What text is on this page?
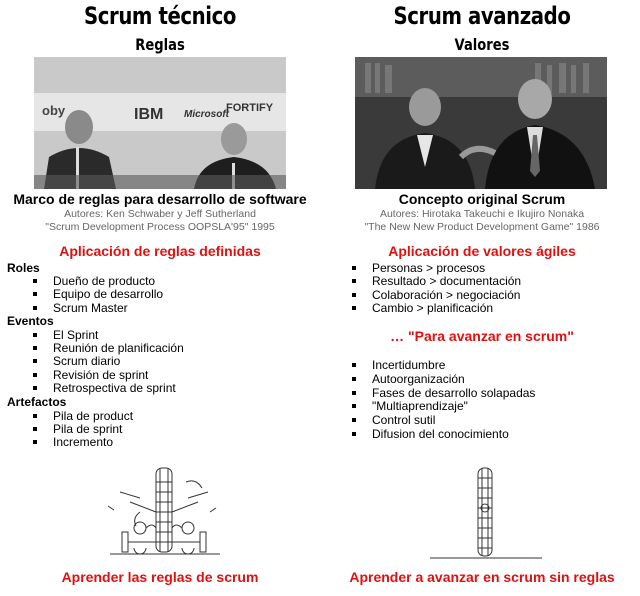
Scrum técnico
Reglas
oby	IBM Microsoft
FORTIFY
Marco de reglas para desarrollo de software
Autores: Ken Schwaber y Jeff Sutherland
"Scrum Development Process OOPSLA'95" 1995
Aplicación de reglas definidas
Roles
Dueño de producto
Equipo de desarrollo
Scrum Master
Eventos
El Sprint
Reunión de planificación
Scrum diario
Revisión de sprint
Retrospectiva de sprint
Artefactos
Pila de product
Pila de sprint
Incremento
Aprender las reglas de scrum
Scrum avanzado
Valores
Concepto original Scrum
Autores: Hirotaka Takeuchi e Ikujiro Nonaka
"The New New Product Development Game" 1986
Aplicación de valores ágiles
Personas > procesos
Resultado > documentación
Colaboración > negociación
Cambio > planificación
… "Para avanzar en scrum"
Incertidumbre
Autoorganización
Fases de desarrollo solapadas
"Multiaprendizaje"
Control sutil
Difusion del conocimiento
Aprender a avanzar en scrum sin reglas
